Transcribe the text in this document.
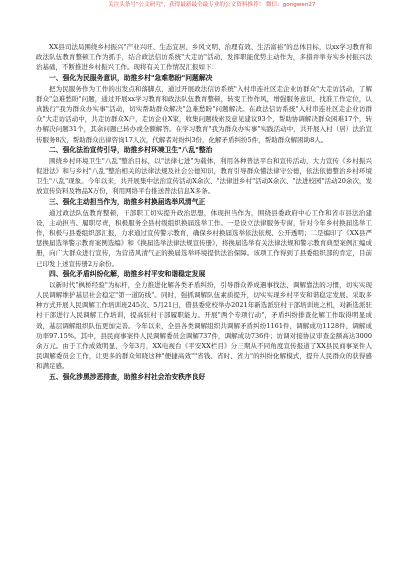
关注头条号"公文研究"，获得最新最全最专业的公文资料推荐！ 微信：gongwen27

XX县司法局围绕乡村振兴"产业兴旺、生态宜居、乡风文明、治理有效、生活富裕"的总体目标，以xx学习教育和政法队伍教育整顿工作为抓手，结合政法信访系统"大走访"活动，发挥职能优势主动作为，多措并举夯实乡村振兴法治基础，不断推进乡村振兴工作。现将有关工作情况汇报如下：

一、强化为民服务意识，助推乡村"急难愁盼"问题解决

把为民服务作为工作的出发点和落脚点，通过开展政法信访系统"入村串连社区走企业访群众"大走访活动，了解群众"急难愁盼"问题，通过开展xx学习教育和政法队伍教育整顿，转变工作作风，增强服务意识，找准工作定位，认真践行"我为群众办实事"活动，切实帮助群众解决"急难愁盼"问题解决。在政法信访系统"入村串连社区走企业访群众"大走访活动中，共走访群众X户，走访企业X家，收集问题线索及意见建议93个，帮助协调解决群众困难17个，转办解决问题31个，其余问题已转办或全额解答。在学习教育"我为群众办实事"实践活动中，共开展入村（居）法治宣传服务8次，帮助群众出律咨询17人次，代解者对纷纠3份，化解矛盾纠纷5件，帮助群众解困助8人。

二、强化法治宣传引导，助推乡村环境卫生"八乱"整治

围绕乡村环境卫生"八乱"整治目标，以"法律七进"为载体，利用各种普法平台和宣传活动，大力宣传《乡村振兴促进法》和与乡村"八乱"整治相关的法律法规及社会公德知识，教育引导群众懂法律守公德，依法依德整治乡村环境卫生"八乱"现象。今年以来，共开展集中法治宣传活动X余次、"法律进乡村"活动X余次、"法进校园"活动20余次，发放宣传资料及物品X万份，利用网络平台推送普法信息X多条。

三、强化主动担当作为，助推乡村换届选举风清气正

通过政法队伍教育整顿，干部职工切实提升政治思想，体现担当作为，围绕县委政府中心工作和省市县法治建设，主动担当、履职尽责，积极服务全县村级组织换届选举工作。一是设立法律服务专窗，针对今年乡村换届选举工作，积极与县委组织部汇报，力求通过宣传警示教育，确保乡村换届选举依法依规、公开透明；二是编印了《XX县严惩换届选举警示教育案例选编》和《换届选举法律法规宣传册》，将换届选举有关法律法规和警示教育典型案例汇编成册，向广大群众进行宣传，为营造风清气正的换届选举环境提供法治保障。该项工作得到了县委组织部的肯定，目前已印发上述宣传册2万余份。

四、强化矛盾纠纷化解，助推乡村平安和谐稳定发展

以新时代"枫桥经验"为标杆，全力推进化解各类矛盾纠纷，引导群众养成遇事找法、调解靠法的习惯，切实实现人民调解维护基层社会稳定"第一道防线"。同时，强抓调解队伍素质提升，切实实现乡村平安和谐稳定发展。采取多种方式开展人民调解工作培训班245次、5月21日，借县委党校举办2021年新选派驻村干部培训班之机，对新选派驻村干部进行人民调解工作培训，提高驻村干部履职能力。开展"两个专项行动"，矛盾纠纷排查化解工作取得明显成效，基层调解组织队伍更加完善。今年以来，全县各类调解组织共调解矛盾纠纷1161件，调解成功1128件，调解成功率97.15%。其中，县民商事案件人民调解委员会调解737件，调解成功736件；访调对接协议审查金额高达3000余万元。由于工作成效明显，今年3月，XX电视台《平安XX栏目》分三期从不同角度宣传报道了XX县民商事案件人民调解委员会工作，让更多的群众知晓这种"便捷高效""省钱、省时、省力"的纠纷化解模式，提升人民群众的获得感和满足感。

五、强化涉黑涉恶排查，助推乡村社会治安秩序良好
